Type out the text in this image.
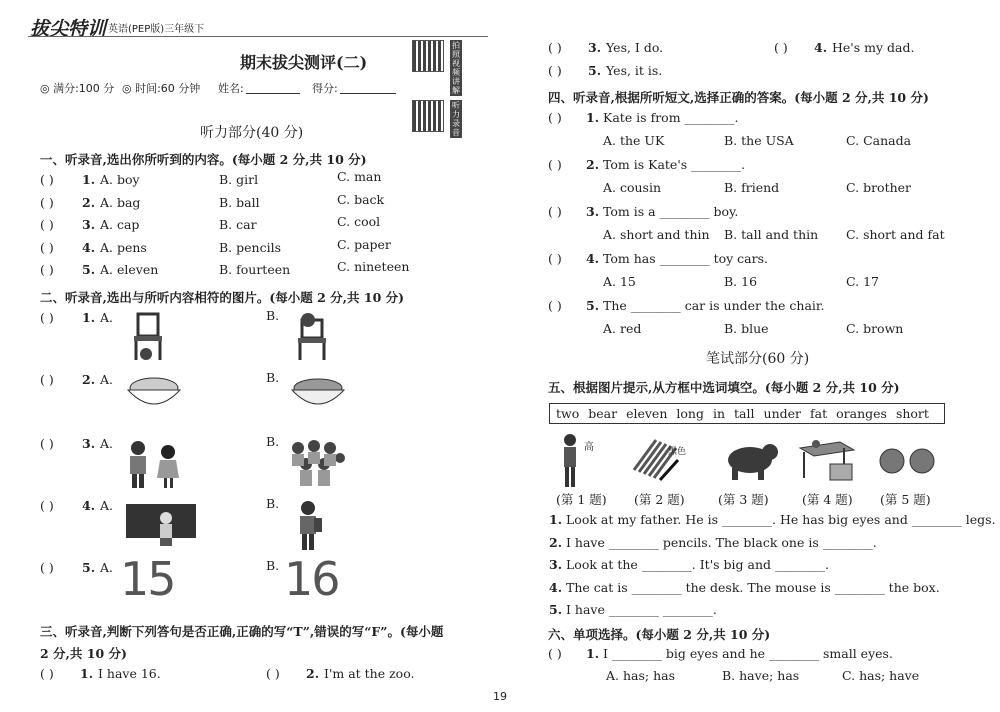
拔尖特训 英语(PEP版)三年级下
期末拔尖测评(二)
拍照视频讲解
听力录音
◎ 满分:100 分 ◎ 时间:60 分钟 姓名:	得分:
听力部分(40 分)
一、听录音,选出你所听到的内容。(每小题 2 分,共 10 分)
二、听录音,选出与所听内容相符的图片。(每小题 2 分,共 10 分)
三、听录音,判断下列答句是否正确,正确的写“T”,错误的写“F”。(每小题
2 分,共 10 分)
四、听录音,根据所听短文,选择正确的答案。(每小题 2 分,共 10 分)
笔试部分(60 分)
五、根据图片提示,从方框中选词填空。(每小题 2 分,共 10 分)
two bear eleven long in tall under fat oranges short
高	黑色
(第 1 题) (第 2 题)	(第 3 题)	(第 4 题) (第 5 题)
六、单项选择。(每小题 2 分,共 10 分)
19
( ) 1. A. boy	B. girl	C. man
( ) 2. A. bag	B. ball	C. back
( ) 3. A. cap	B. car	C. cool
( ) 4. A. pens	B. pencils	C. paper
( ) 5. A. eleven	B. fourteen	C. nineteen
( ) 1. A.	B.
( ) 2. A.	B.
( ) 3. A.	B.
( ) 4. A.	B.
( ) 5. A.	B.
15 16
( ) 1. I have 16.	( ) 2. I'm at the zoo.
( ) 3. Yes, I do.	( ) 4. He's my dad.
( ) 5. Yes, it is.
( ) 1. Kate is from ________.
A. the UK	B. the USA	C. Canada
( ) 2. Tom is Kate's ________.
A. cousin	B. friend	C. brother
( ) 3. Tom is a ________ boy.
A. short and thin B. tall and thin C. short and fat
( ) 4. Tom has ________ toy cars.
A. 15	B. 16	C. 17
( ) 5. The ________ car is under the chair.
A. red	B. blue	C. brown
1. Look at my father. He is ________. He has big eyes and ________ legs.
2. I have ________ pencils. The black one is ________.
3. Look at the ________. It's big and ________.
4. The cat is ________ the desk. The mouse is ________ the box.
5. I have ________ ________.
( ) 1. I ________ big eyes and he ________ small eyes.
A. has; has	B. have; has	C. has; have
